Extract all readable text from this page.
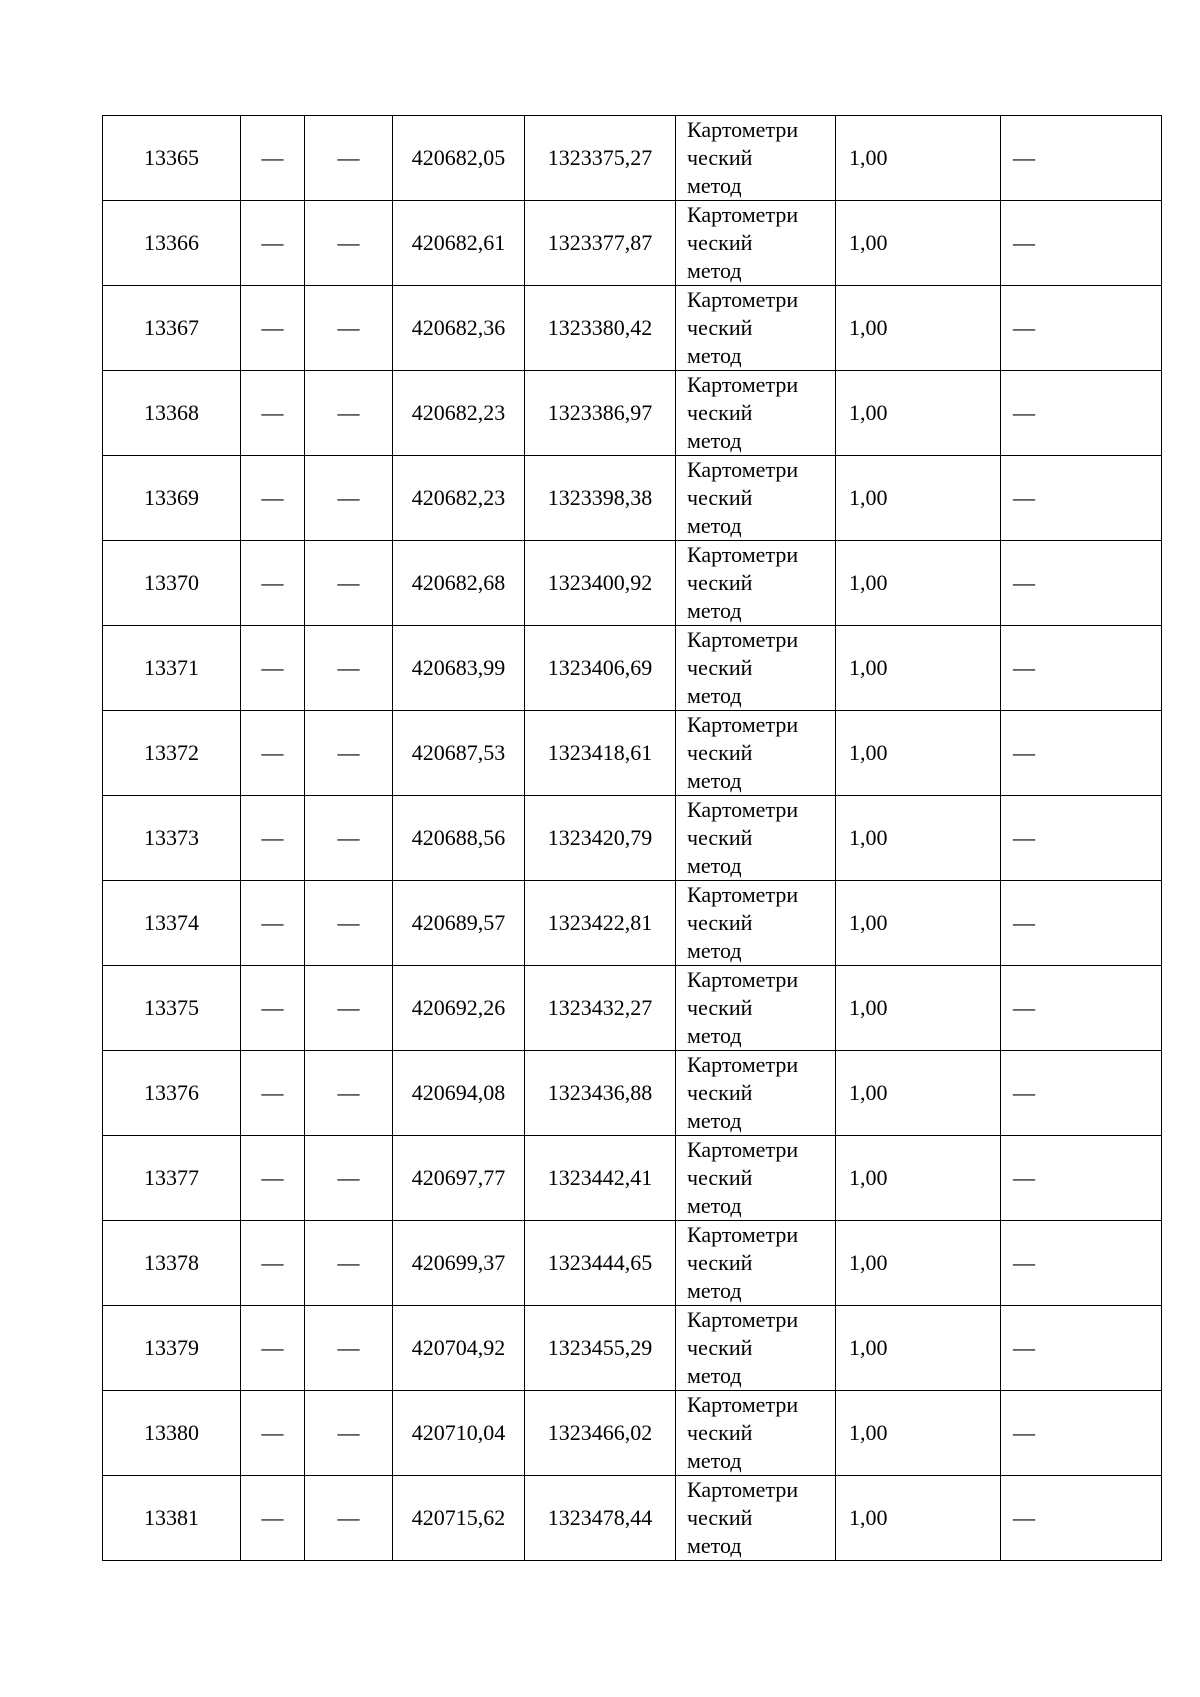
13365	—	—	420682,05	1323375,27	Картометри
ческий
метод	1,00	—
13366	—	—	420682,61	1323377,87	Картометри
ческий
метод	1,00	—
13367	—	—	420682,36	1323380,42	Картометри
ческий
метод	1,00	—
13368	—	—	420682,23	1323386,97	Картометри
ческий
метод	1,00	—
13369	—	—	420682,23	1323398,38	Картометри
ческий
метод	1,00	—
13370	—	—	420682,68	1323400,92	Картометри
ческий
метод	1,00	—
13371	—	—	420683,99	1323406,69	Картометри
ческий
метод	1,00	—
13372	—	—	420687,53	1323418,61	Картометри
ческий
метод	1,00	—
13373	—	—	420688,56	1323420,79	Картометри
ческий
метод	1,00	—
13374	—	—	420689,57	1323422,81	Картометри
ческий
метод	1,00	—
13375	—	—	420692,26	1323432,27	Картометри
ческий
метод	1,00	—
13376	—	—	420694,08	1323436,88	Картометри
ческий
метод	1,00	—
13377	—	—	420697,77	1323442,41	Картометри
ческий
метод	1,00	—
13378	—	—	420699,37	1323444,65	Картометри
ческий
метод	1,00	—
13379	—	—	420704,92	1323455,29	Картометри
ческий
метод	1,00	—
13380	—	—	420710,04	1323466,02	Картометри
ческий
метод	1,00	—
13381	—	—	420715,62	1323478,44	Картометри
ческий
метод	1,00	—
